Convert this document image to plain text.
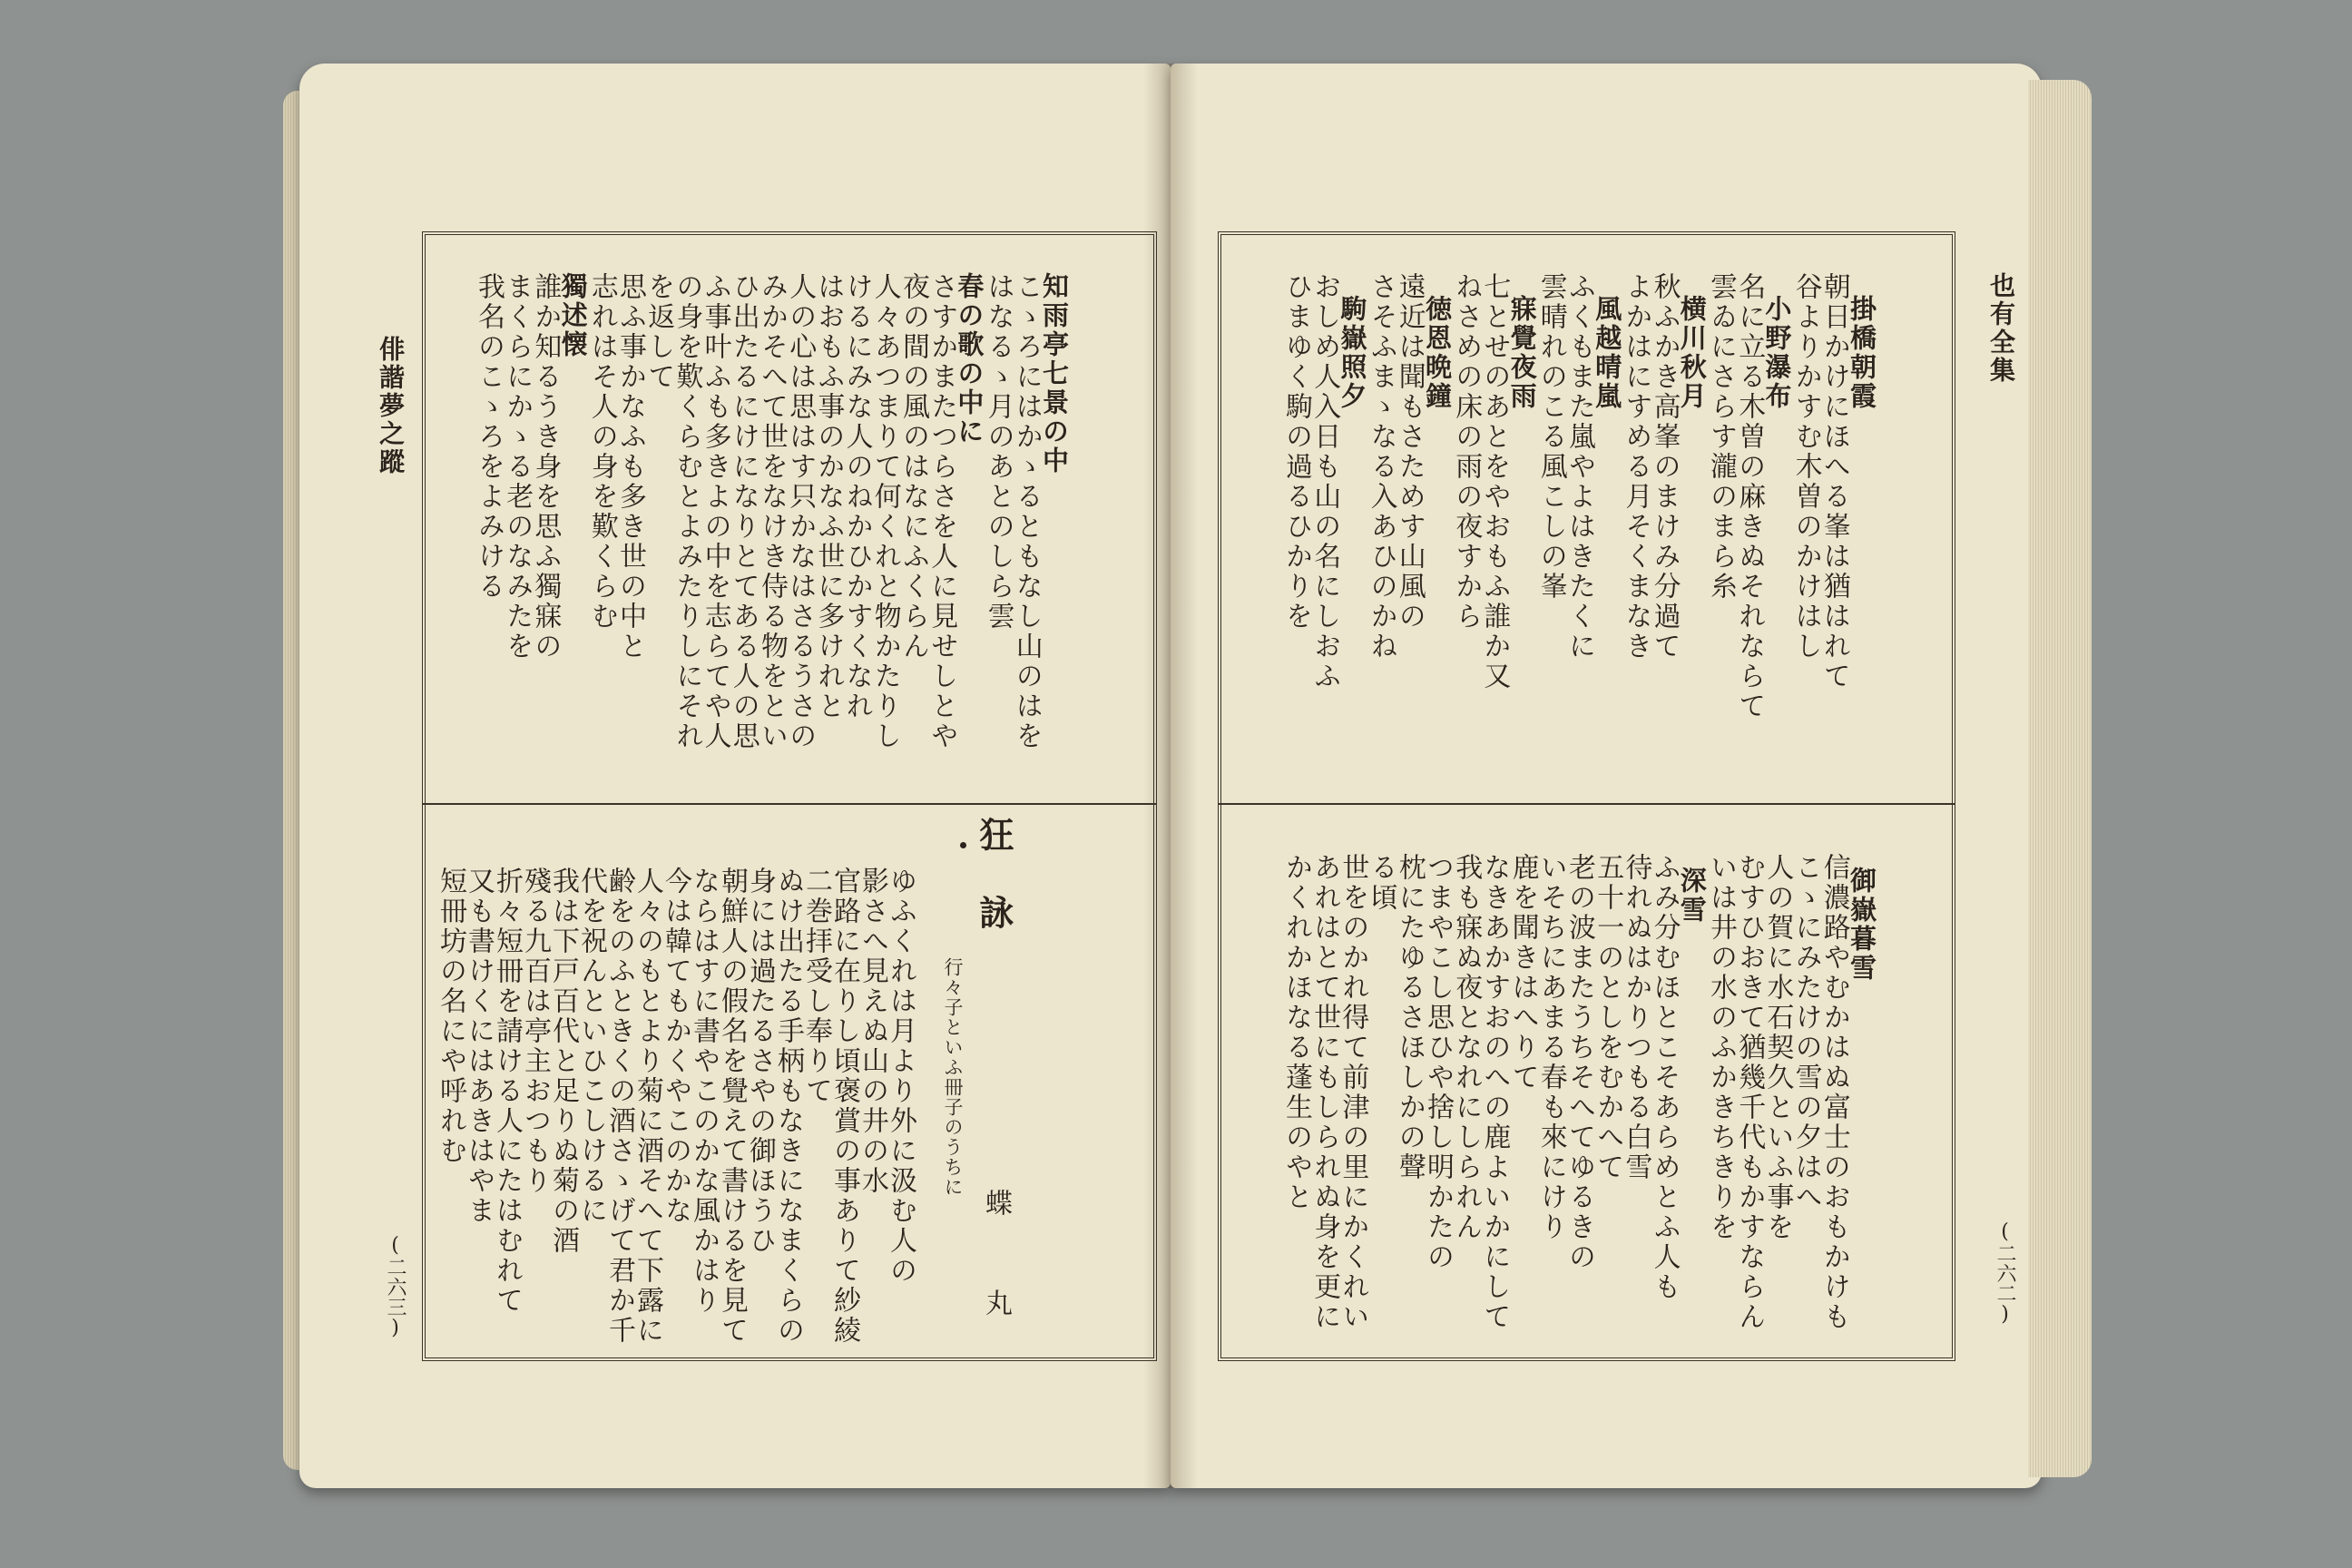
俳諧夢之蹤
也有全集
(二六三)	(二六二)
知雨亭七景の中
こゝろにはかゝるともなし山のはを
はなるゝ月のあとのしら雲
春の歌の中に
さすかまたつらさを人に見せしとや
夜の間の風のはなにふくらん
人々あつまりて何くれと物かたりし
けるにみな人のねかひかすくなれ
はおもふ事のかなふ世に多けれと
人の心は思はす只かなはさるうさの
みかそへて世をなけき侍る物をとい
ひ出たるにけになりとてある人の思
ふ事叶ふも多きよの中を志らてや人
の身を歎くらむとよみたりしにそれ
を返して
思ふ事かなふも多き世の中と
志れはそ人の身を歎くらむ
獨述懐
誰か知るうき身を思ふ獨寐の
まくらにかゝる老のなみたを
我名のこゝろをよみける
ゆふくれは月より外に汲む人の
影さへ見えぬ山の井の水
官路に在りし頃褒賞の事ありて紗綾
二巻拝受し奉りて
ぬけ出たる手柄もなきになまくらの
身には過たるさやの御ほうひ
朝鮮人の假名を覺えて書けるを見て
ならはすに書やこのかな風かはり
今は韓てもかくやこのかな
人々のもとより菊に酒そへて下露に
齢をのふときくの酒さゝげて君か千
代を祝んといひこしけるに
我は下戸百代と足りぬ菊の酒
殘る九百は亭主おつもり
折々短冊を請ける人にたはむれて
又も書けくにはあきはやま
短冊坊の名にや呼れむ
掛橋朝霞
朝日かけにほへる峯は猶はれて
谷よりかすむ木曽のかけはし
小野瀑布
名に立る木曽の麻きぬそれならて
雲ゐにさらす瀧のまら糸
横川秋月
秋ふかき高峯のまけみ分過て
よかはにすめる月そくまなき
風越晴嵐
ふくもまた嵐やよはきたくに
雲晴れのこる風こしの峯
寐覺夜雨
七とせのあとをやおもふ誰か又
ねさめの床の雨の夜すから
徳恩晩鐘
遠近は聞もさためす山風の
さそふまゝなる入あひのかね
駒嶽照夕
おしめ人入日も山の名にしおふ
ひまゆく駒の過るひかりを
御嶽暮雪
信濃路やむかはぬ富士のおもかけも
こゝにみたけの雪の夕はへ
人の賀に水石契久といふ事を
むすひおきて猶幾千代もかすならん
いは井の水のふかきちきりを
深雪
ふみ分むほとこそあらめとふ人も
待れぬはかりつもる白雪
五十一のとしをむかへて
老の波またうちそへてゆるきの
いそちにあまる春も來にけり
鹿を聞きはへりて
なきあかすおのへの鹿よいかにして
我も寐ぬ夜となれにしられん
つまやこし思ひや捨し明かたの
枕にたゆるさほしかの聲
る頃
世をのかれ得て前津の里にかくれい
あれはとて世にもしられぬ身を更に
かくれかほなる蓬生のやと
狂詠
行々子といふ冊子のうちに
蝶
丸
